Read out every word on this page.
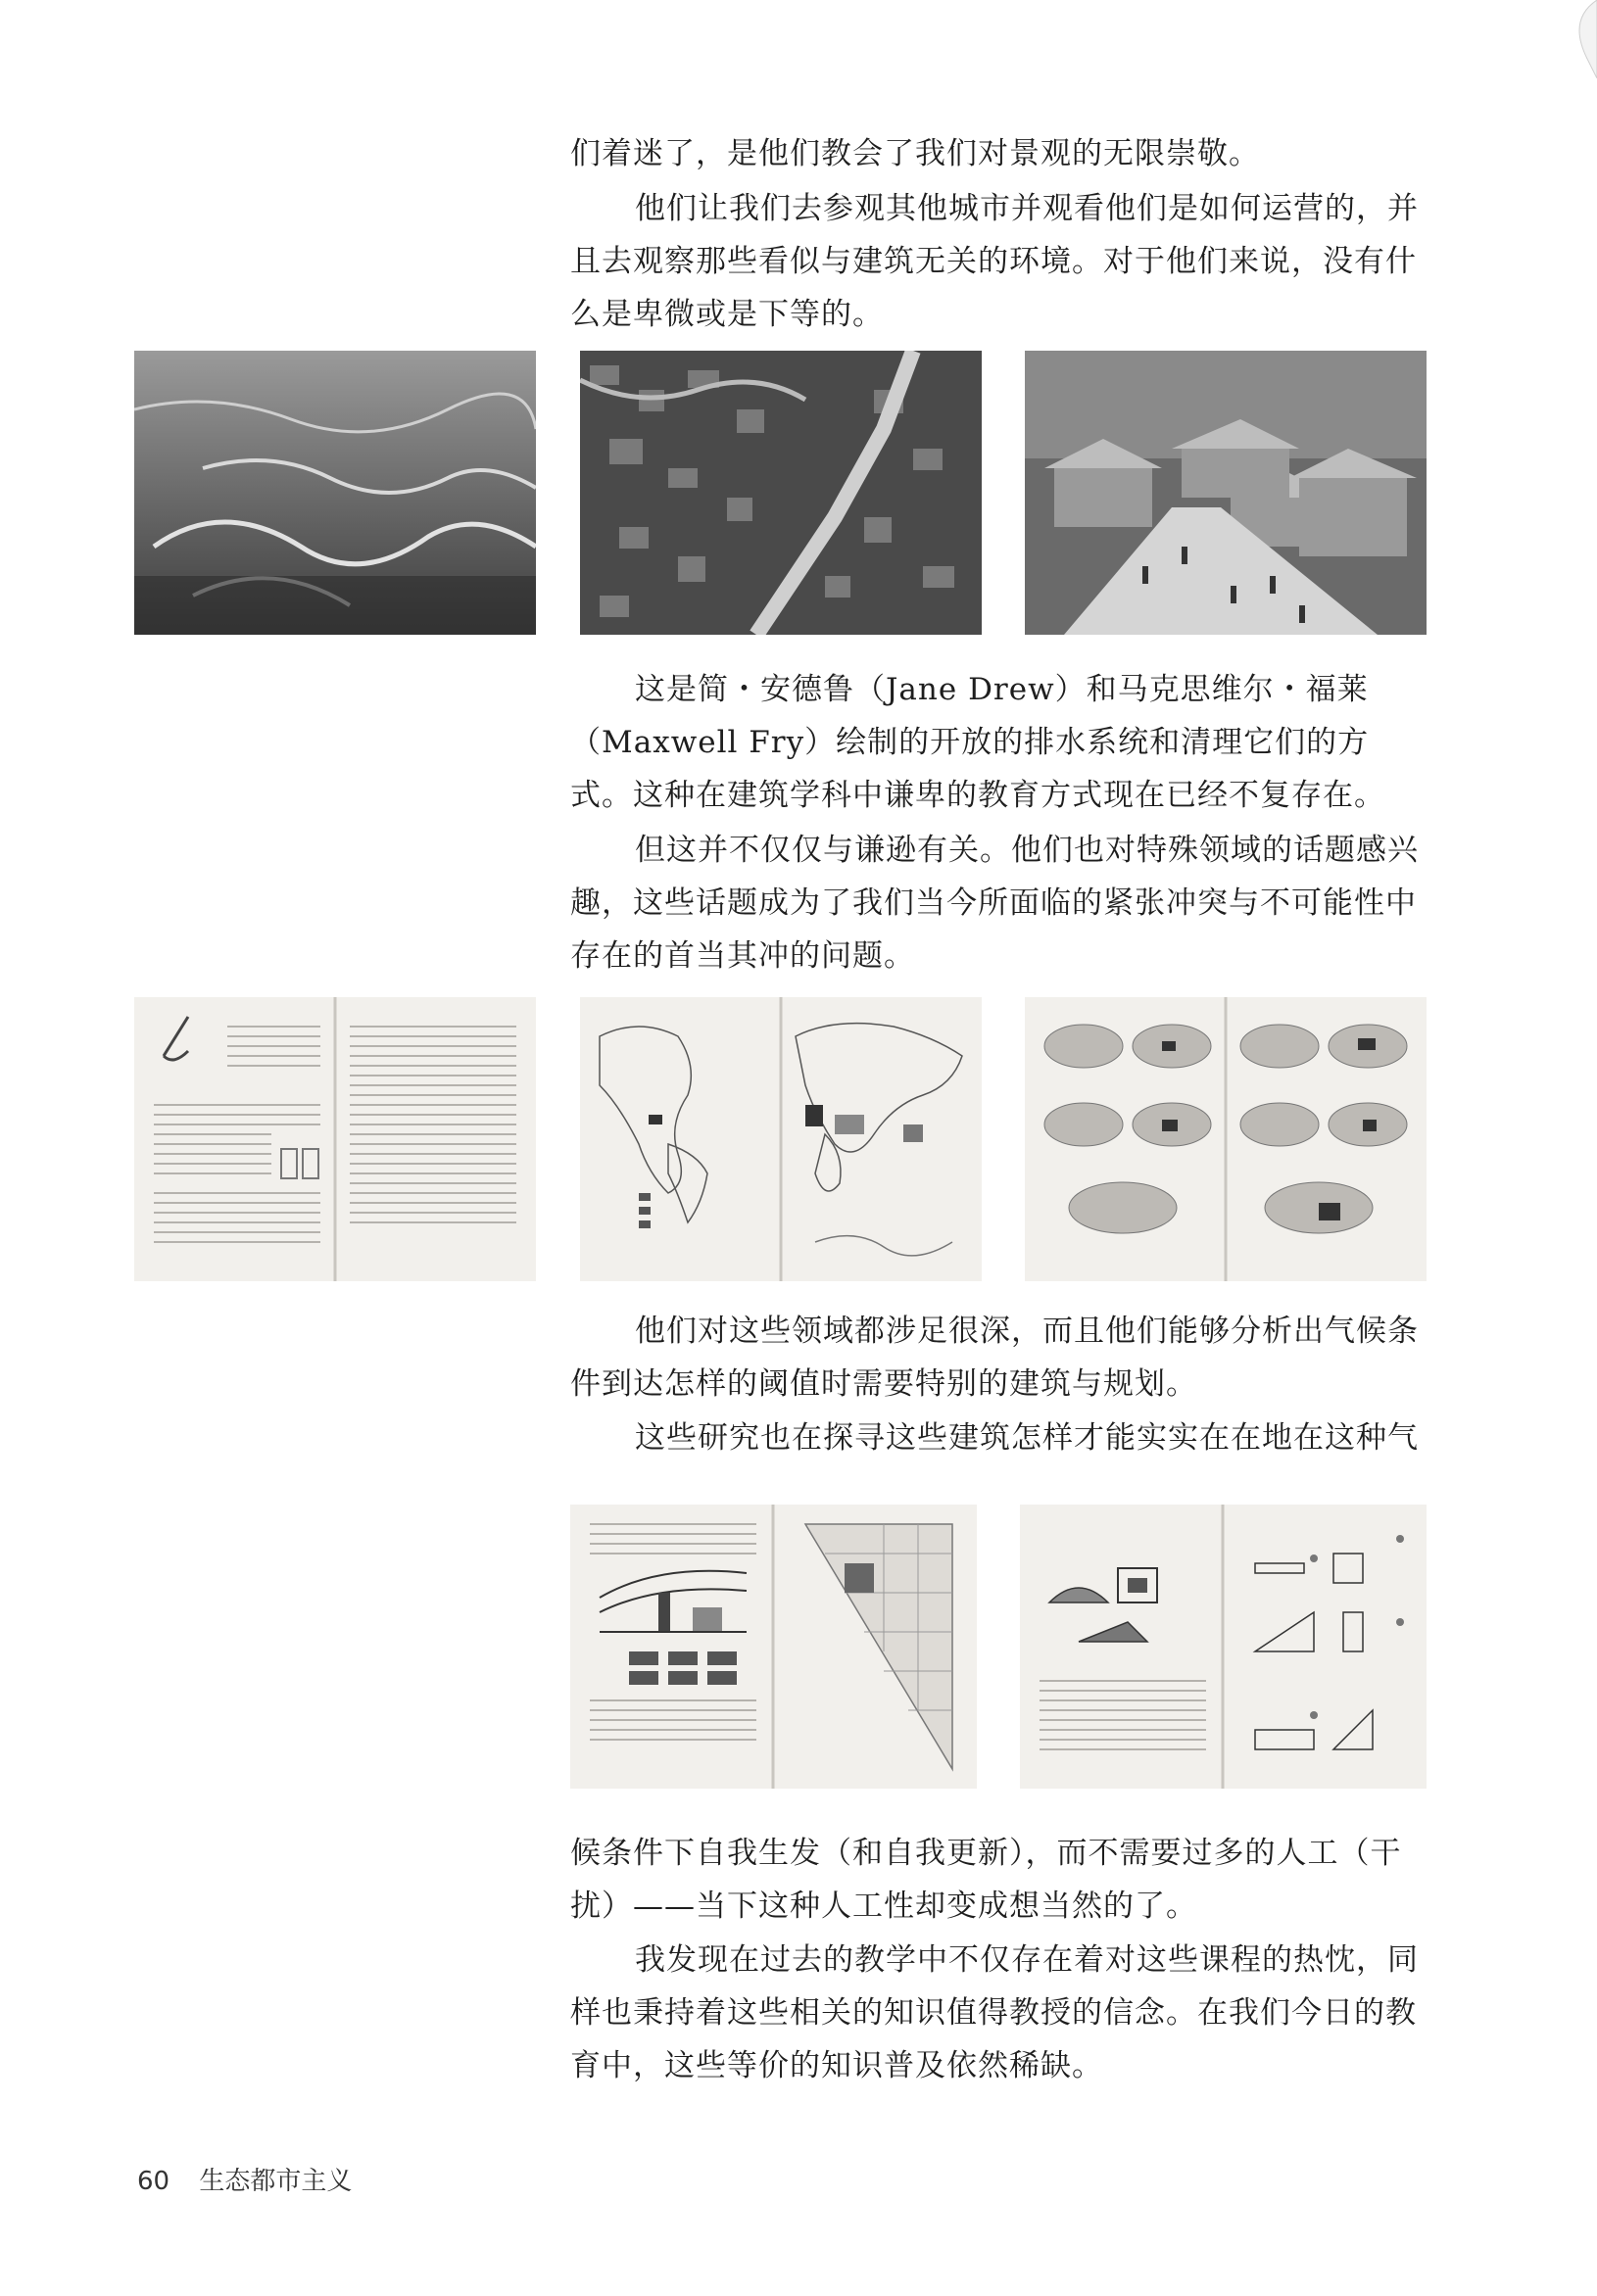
们着迷了，是他们教会了我们对景观的无限崇敬。

他们让我们去参观其他城市并观看他们是如何运营的，并且去观察那些看似与建筑无关的环境。对于他们来说，没有什么是卑微或是下等的。

这是简・安德鲁（Jane Drew）和马克思维尔・福莱（Maxwell Fry）绘制的开放的排水系统和清理它们的方式。这种在建筑学科中谦卑的教育方式现在已经不复存在。

但这并不仅仅与谦逊有关。他们也对特殊领域的话题感兴趣，这些话题成为了我们当今所面临的紧张冲突与不可能性中存在的首当其冲的问题。

他们对这些领域都涉足很深，而且他们能够分析出气候条件到达怎样的阈值时需要特别的建筑与规划。

这些研究也在探寻这些建筑怎样才能实实在在地在这种气

候条件下自我生发（和自我更新），而不需要过多的人工（干扰）——当下这种人工性却变成想当然的了。

我发现在过去的教学中不仅存在着对这些课程的热忱，同样也秉持着这些相关的知识值得教授的信念。在我们今日的教育中，这些等价的知识普及依然稀缺。

60 生态都市主义
